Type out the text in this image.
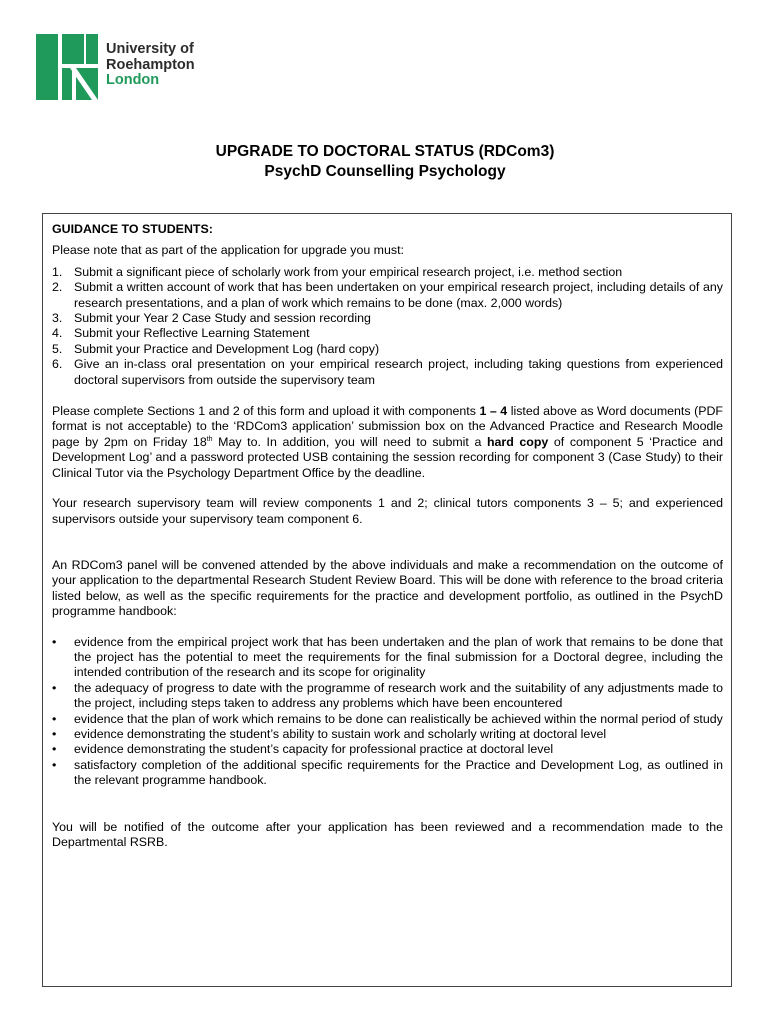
University of
Roehampton
London
UPGRADE TO DOCTORAL STATUS (RDCom3)
PsychD Counselling Psychology

GUIDANCE TO STUDENTS:

Please note that as part of the application for upgrade you must:

1. Submit a significant piece of scholarly work from your empirical research project, i.e. method section
2. Submit a written account of work that has been undertaken on your empirical research project, including details of any research presentations, and a plan of work which remains to be done (max. 2,000 words)
3. Submit your Year 2 Case Study and session recording
4. Submit your Reflective Learning Statement
5. Submit your Practice and Development Log (hard copy)
6. Give an in-class oral presentation on your empirical research project, including taking questions from experienced doctoral supervisors from outside the supervisory team

Please complete Sections 1 and 2 of this form and upload it with components 1 – 4 listed above as Word documents (PDF format is not acceptable) to the ‘RDCom3 application’ submission box on the Advanced Practice and Research Moodle page by 2pm on Friday 18th May to. In addition, you will need to submit a hard copy of component 5 ‘Practice and Development Log’ and a password protected USB containing the session recording for component 3 (Case Study) to their Clinical Tutor via the Psychology Department Office by the deadline.

Your research supervisory team will review components 1 and 2; clinical tutors components 3 – 5; and experienced supervisors outside your supervisory team component 6.

An RDCom3 panel will be convened attended by the above individuals and make a recommendation on the outcome of your application to the departmental Research Student Review Board. This will be done with reference to the broad criteria listed below, as well as the specific requirements for the practice and development portfolio, as outlined in the PsychD programme handbook:

• evidence from the empirical project work that has been undertaken and the plan of work that remains to be done that the project has the potential to meet the requirements for the final submission for a Doctoral degree, including the intended contribution of the research and its scope for originality
• the adequacy of progress to date with the programme of research work and the suitability of any adjustments made to the project, including steps taken to address any problems which have been encountered
• evidence that the plan of work which remains to be done can realistically be achieved within the normal period of study
• evidence demonstrating the student’s ability to sustain work and scholarly writing at doctoral level
• evidence demonstrating the student’s capacity for professional practice at doctoral level
• satisfactory completion of the additional specific requirements for the Practice and Development Log, as outlined in the relevant programme handbook.

You will be notified of the outcome after your application has been reviewed and a recommendation made to the Departmental RSRB.
